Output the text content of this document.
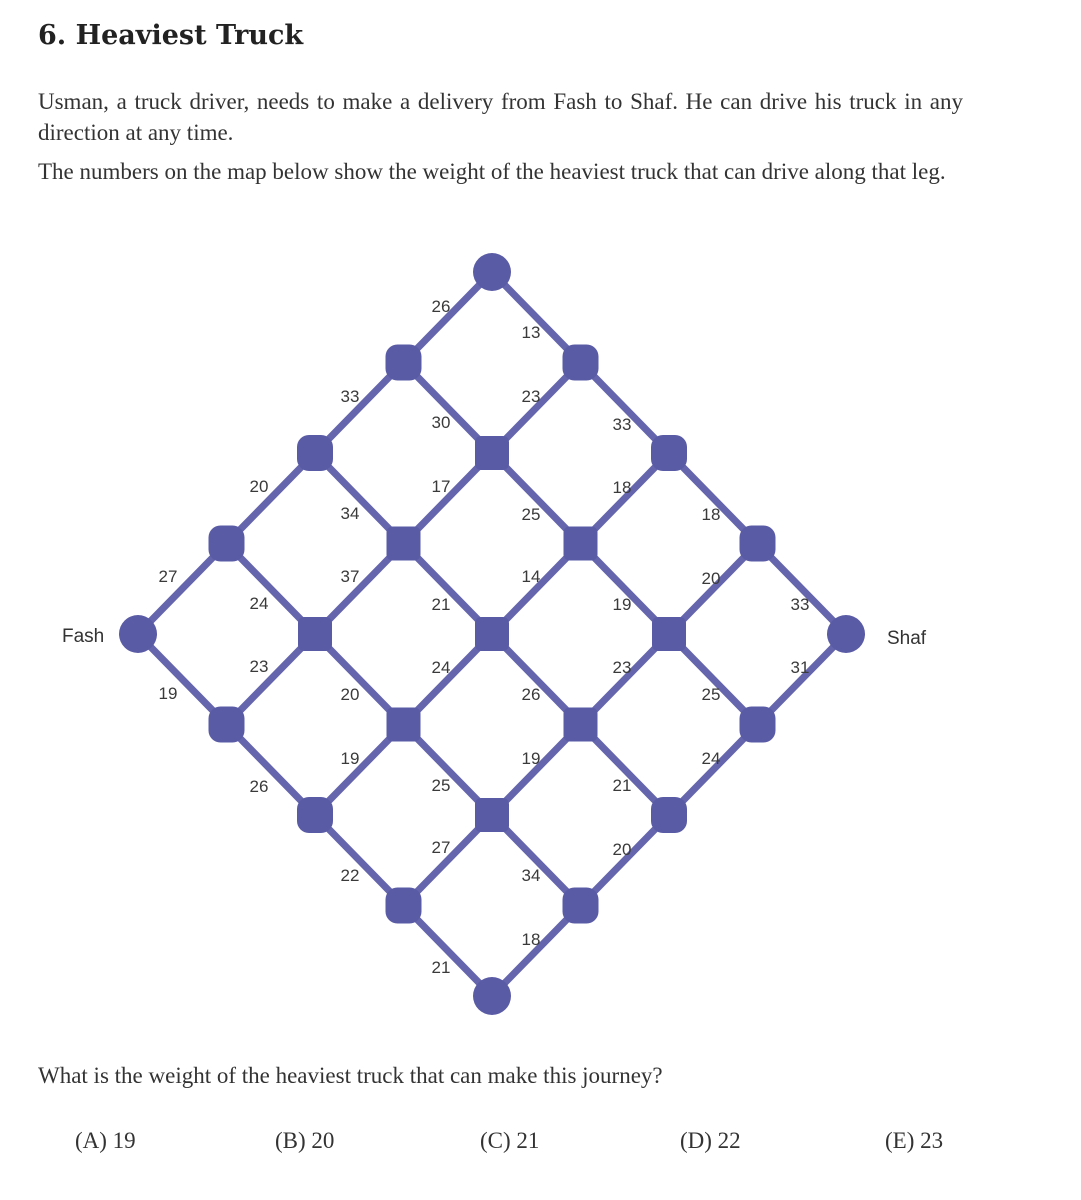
6. Heaviest Truck

Usman, a truck driver, needs to make a delivery from Fash to Shaf. He can drive his truck in any direction at any time.

The numbers on the map below show the weight of the heaviest truck that can drive along that leg.

Fash	Shaf
26
13
33
30
23
33
20
34
17
25
18
18
27
24
37
21
14
19
20
33
19
23
20
24
26
23
25
31
26
19
25
19
21
24
22
27
34
20
21
18

What is the weight of the heaviest truck that can make this journey?

(A) 19	(B) 20	(C) 21	(D) 22	(E) 23
